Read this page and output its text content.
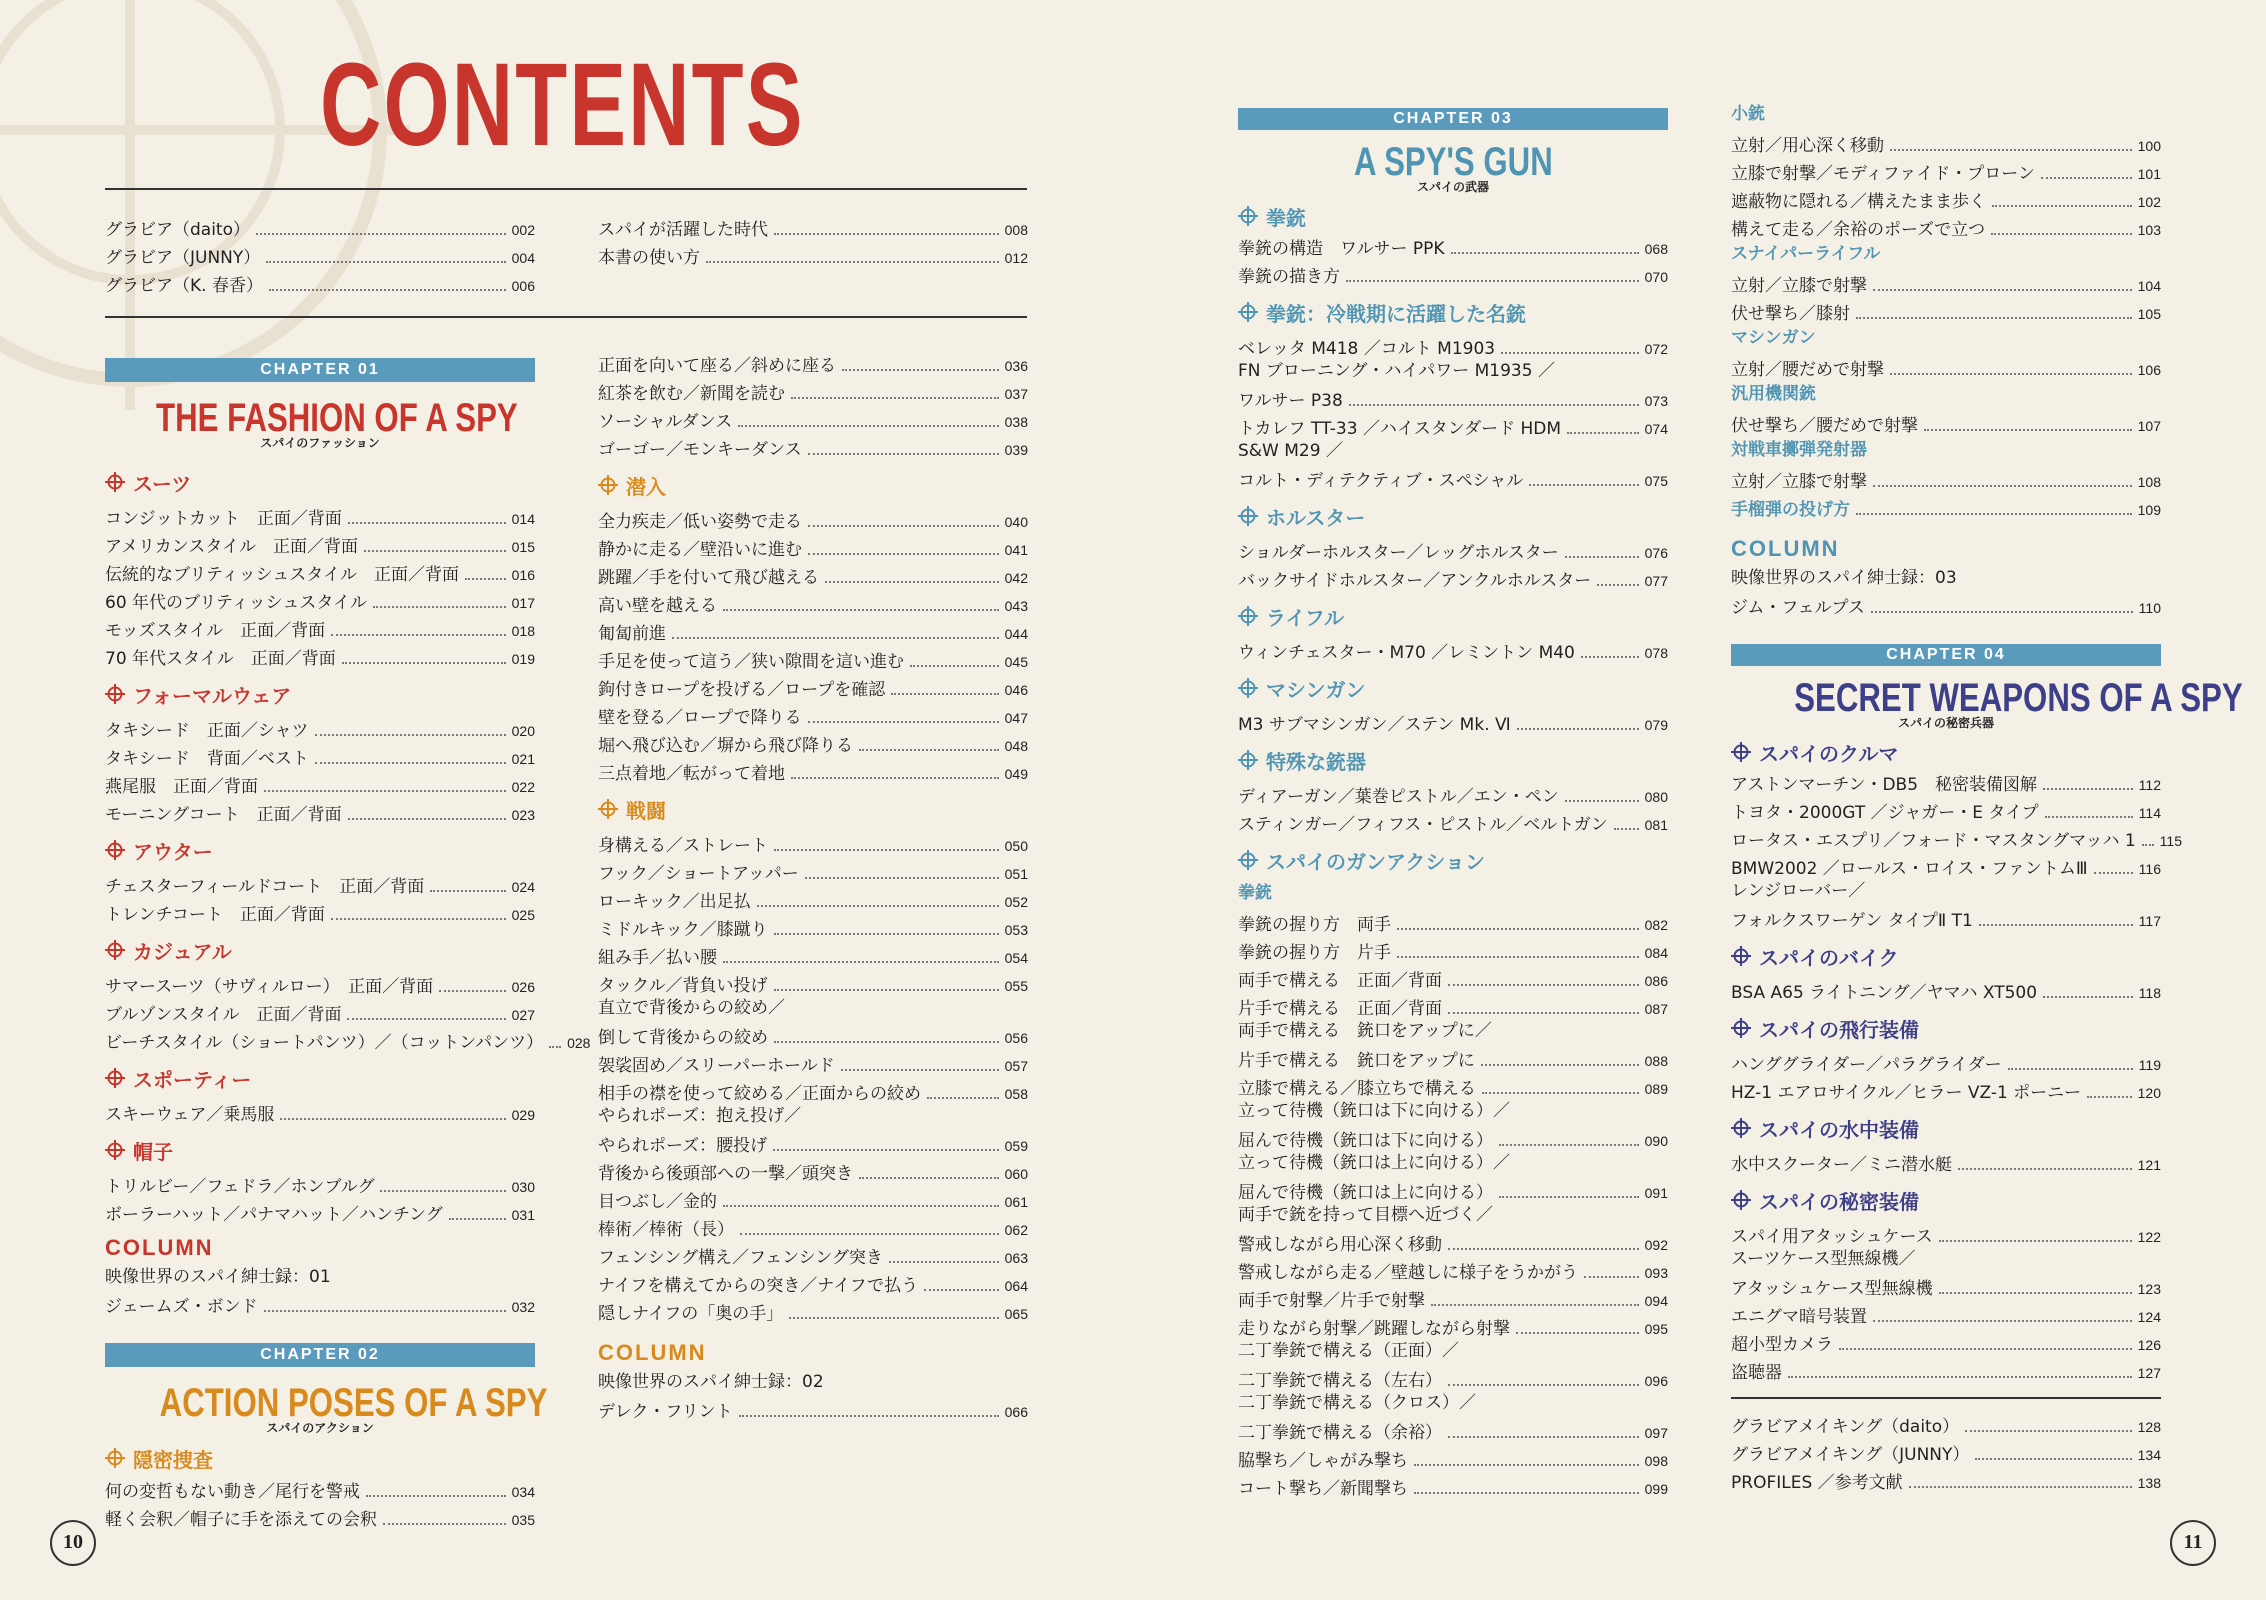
CONTENTS
グラビア（daito）	002
グラビア（JUNNY）	004
グラビア（K. 春香）	006
スパイが活躍した時代	008
本書の使い方	012
CHAPTER 01
THE FASHION OF A SPY
スパイのファッション
スーツ
コンジットカット　正面／背面	014
アメリカンスタイル　正面／背面	015
伝統的なブリティッシュスタイル　正面／背面	016
60 年代のブリティッシュスタイル	017
モッズスタイル　正面／背面	018
70 年代スタイル　正面／背面	019
フォーマルウェア
タキシード　正面／シャツ	020
タキシード　背面／ベスト	021
燕尾服　正面／背面	022
モーニングコート　正面／背面	023
アウター
チェスターフィールドコート　正面／背面	024
トレンチコート　正面／背面	025
カジュアル
サマースーツ（サヴィルロー）　正面／背面	026
ブルゾンスタイル　正面／背面	027
ビーチスタイル（ショートパンツ）／（コットンパンツ） 028
スポーティー
スキーウェア／乗馬服	029
帽子
トリルビー／フェドラ／ホンブルグ	030
ボーラーハット／パナマハット／ハンチング	031
COLUMN
映像世界のスパイ紳士録：01
ジェームズ・ボンド	032
CHAPTER 02
ACTION POSES OF A SPY
スパイのアクション
隠密捜査
何の変哲もない動き／尾行を警戒	034
軽く会釈／帽子に手を添えての会釈	035
正面を向いて座る／斜めに座る	036
紅茶を飲む／新聞を読む	037
ソーシャルダンス	038
ゴーゴー／モンキーダンス	039
潜入
全力疾走／低い姿勢で走る	040
静かに走る／壁沿いに進む	041
跳躍／手を付いて飛び越える	042
高い壁を越える	043
匍匐前進	044
手足を使って這う／狭い隙間を這い進む	045
鉤付きロープを投げる／ロープを確認	046
壁を登る／ロープで降りる	047
堀へ飛び込む／塀から飛び降りる	048
三点着地／転がって着地	049
戦闘
身構える／ストレート	050
フック／ショートアッパー	051
ローキック／出足払	052
ミドルキック／膝蹴り	053
組み手／払い腰	054
タックル／背負い投げ	055
直立で背後からの絞め／
倒して背後からの絞め	056
袈裟固め／スリーパーホールド	057
相手の襟を使って絞める／正面からの絞め	058
やられポーズ：抱え投げ／
やられポーズ：腰投げ	059
背後から後頭部への一撃／頭突き	060
目つぶし／金的	061
棒術／棒術（長）	062
フェンシング構え／フェンシング突き	063
ナイフを構えてからの突き／ナイフで払う	064
隠しナイフの「奥の手」	065
COLUMN
映像世界のスパイ紳士録：02
デレク・フリント	066
CHAPTER 03
A SPY'S GUN
スパイの武器
拳銃
拳銃の構造　ワルサー PPK	068
拳銃の描き方	070
拳銃：冷戦期に活躍した名銃
ベレッタ M418 ／コルト M1903	072
FN ブローニング・ハイパワー M1935 ／
ワルサー P38	073
トカレフ TT-33 ／ハイスタンダード HDM	074
S&W M29 ／
コルト・ディテクティブ・スペシャル	075
ホルスター
ショルダーホルスター／レッグホルスター	076
バックサイドホルスター／アンクルホルスター	077
ライフル
ウィンチェスター・M70 ／レミントン M40	078
マシンガン
M3 サブマシンガン／ステン Mk. Ⅵ	079
特殊な銃器
ディアーガン／葉巻ピストル／エン・ペン	080
スティンガー／フィフス・ピストル／ベルトガン	081
スパイのガンアクション
拳銃
拳銃の握り方　両手	082
拳銃の握り方　片手	084
両手で構える　正面／背面	086
片手で構える　正面／背面	087
両手で構える　銃口をアップに／
片手で構える　銃口をアップに	088
立膝で構える／膝立ちで構える	089
立って待機（銃口は下に向ける）／
屈んで待機（銃口は下に向ける）	090
立って待機（銃口は上に向ける）／
屈んで待機（銃口は上に向ける）	091
両手で銃を持って目標へ近づく／
警戒しながら用心深く移動	092
警戒しながら走る／壁越しに様子をうかがう	093
両手で射撃／片手で射撃	094
走りながら射撃／跳躍しながら射撃	095
二丁拳銃で構える（正面）／
二丁拳銃で構える（左右）	096
二丁拳銃で構える（クロス）／
二丁拳銃で構える（余裕）	097
脇撃ち／しゃがみ撃ち	098
コート撃ち／新聞撃ち	099
小銃
立射／用心深く移動	100
立膝で射撃／モディファイド・プローン	101
遮蔽物に隠れる／構えたまま歩く	102
構えて走る／余裕のポーズで立つ	103
スナイパーライフル
立射／立膝で射撃	104
伏せ撃ち／膝射	105
マシンガン
立射／腰だめで射撃	106
汎用機関銃
伏せ撃ち／腰だめで射撃	107
対戦車擲弾発射器
立射／立膝で射撃	108
手榴弾の投げ方	109
COLUMN
映像世界のスパイ紳士録：03
ジム・フェルプス	110
CHAPTER 04
SECRET WEAPONS OF A SPY
スパイの秘密兵器
スパイのクルマ
アストンマーチン・DB5　秘密装備図解	112
トヨタ・2000GT ／ジャガー・E タイプ	114
ロータス・エスプリ／フォード・マスタングマッハ 1 115
BMW2002 ／ロールス・ロイス・ファントムⅢ	116
レンジローバー／
フォルクスワーゲン タイプⅡ T1	117
スパイのバイク
BSA A65 ライトニング／ヤマハ XT500	118
スパイの飛行装備
ハンググライダー／パラグライダー	119
HZ-1 エアロサイクル／ヒラー VZ-1 ポーニー	120
スパイの水中装備
水中スクーター／ミニ潜水艇	121
スパイの秘密装備
スパイ用アタッシュケース	122
スーツケース型無線機／
アタッシュケース型無線機	123
エニグマ暗号装置	124
超小型カメラ	126
盗聴器	127
グラビアメイキング（daito）	128
グラビアメイキング（JUNNY）	134
PROFILES ／参考文献	138
10	11
